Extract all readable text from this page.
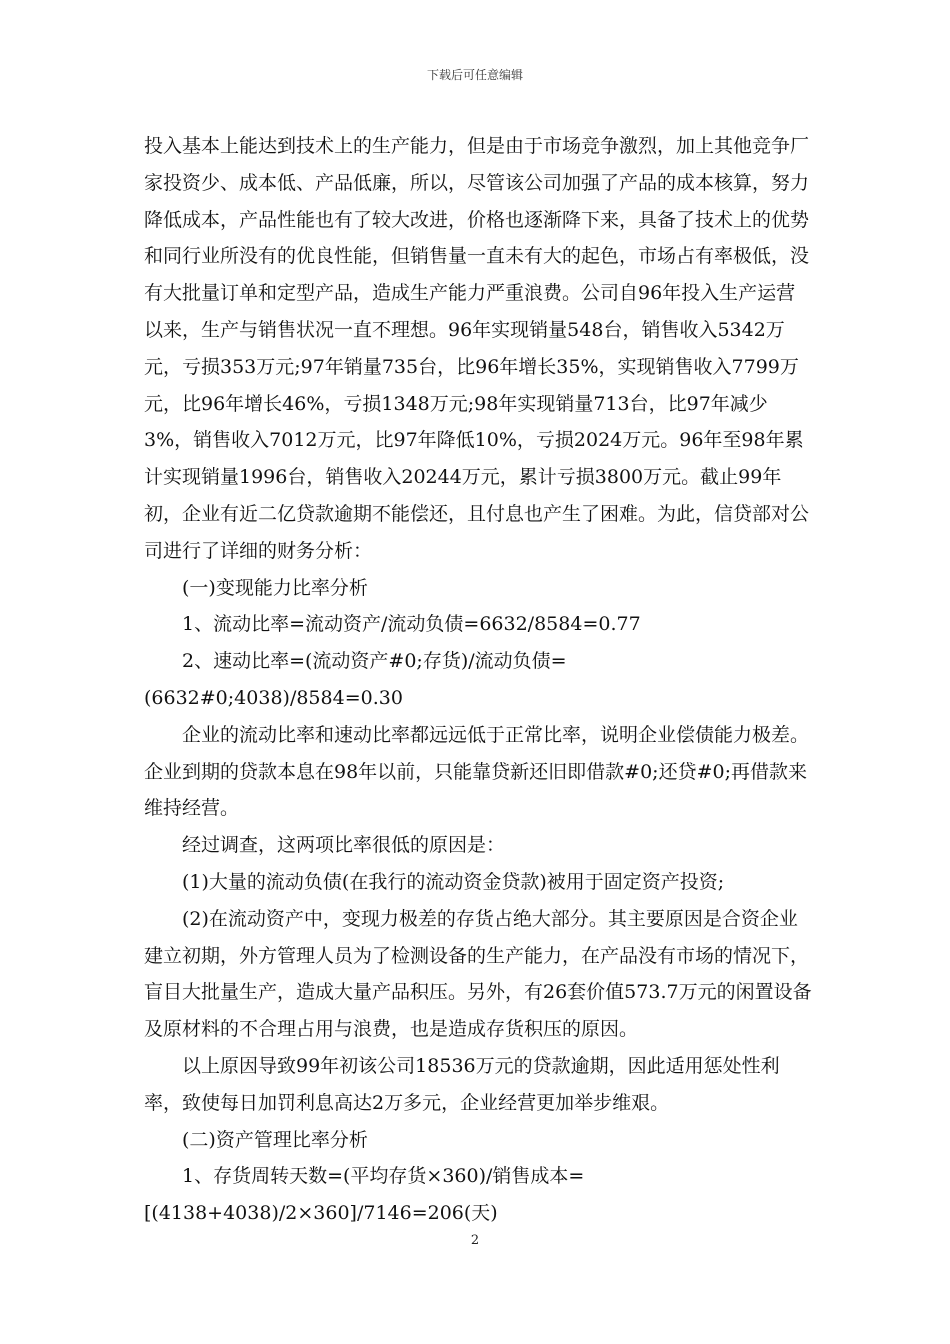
下载后可任意编辑

投入基本上能达到技术上的生产能力，但是由于市场竞争激烈，加上其他竞争厂家投资少、成本低、产品低廉，所以，尽管该公司加强了产品的成本核算，努力降低成本，产品性能也有了较大改进，价格也逐渐降下来，具备了技术上的优势和同行业所没有的优良性能，但销售量一直未有大的起色，市场占有率极低，没有大批量订单和定型产品，造成生产能力严重浪费。公司自96年投入生产运营以来，生产与销售状况一直不理想。96年实现销量548台，销售收入5342万元，亏损353万元;97年销量735台，比96年增长35%，实现销售收入7799万元，比96年增长46%，亏损1348万元;98年实现销量713台，比97年减少3%，销售收入7012万元，比97年降低10%，亏损2024万元。96年至98年累计实现销量1996台，销售收入20244万元，累计亏损3800万元。截止99年初，企业有近二亿贷款逾期不能偿还，且付息也产生了困难。为此，信贷部对公司进行了详细的财务分析：

(一)变现能力比率分析

1、流动比率=流动资产/流动负债=6632/8584=0.77

2、速动比率=(流动资产#0;存货)/流动负债=(6632#0;4038)/8584=0.30

企业的流动比率和速动比率都远远低于正常比率，说明企业偿债能力极差。企业到期的贷款本息在98年以前，只能靠贷新还旧即借款#0;还贷#0;再借款来维持经营。

经过调查，这两项比率很低的原因是：

(1)大量的流动负债(在我行的流动资金贷款)被用于固定资产投资;

(2)在流动资产中，变现力极差的存货占绝大部分。其主要原因是合资企业建立初期，外方管理人员为了检测设备的生产能力，在产品没有市场的情况下，盲目大批量生产，造成大量产品积压。另外，有26套价值573.7万元的闲置设备及原材料的不合理占用与浪费，也是造成存货积压的原因。

以上原因导致99年初该公司18536万元的贷款逾期，因此适用惩处性利率，致使每日加罚利息高达2万多元，企业经营更加举步维艰。

(二)资产管理比率分析

1、存货周转天数=(平均存货×360)/销售成本=[(4138+4038)/2×360]/7146=206(天)

2
